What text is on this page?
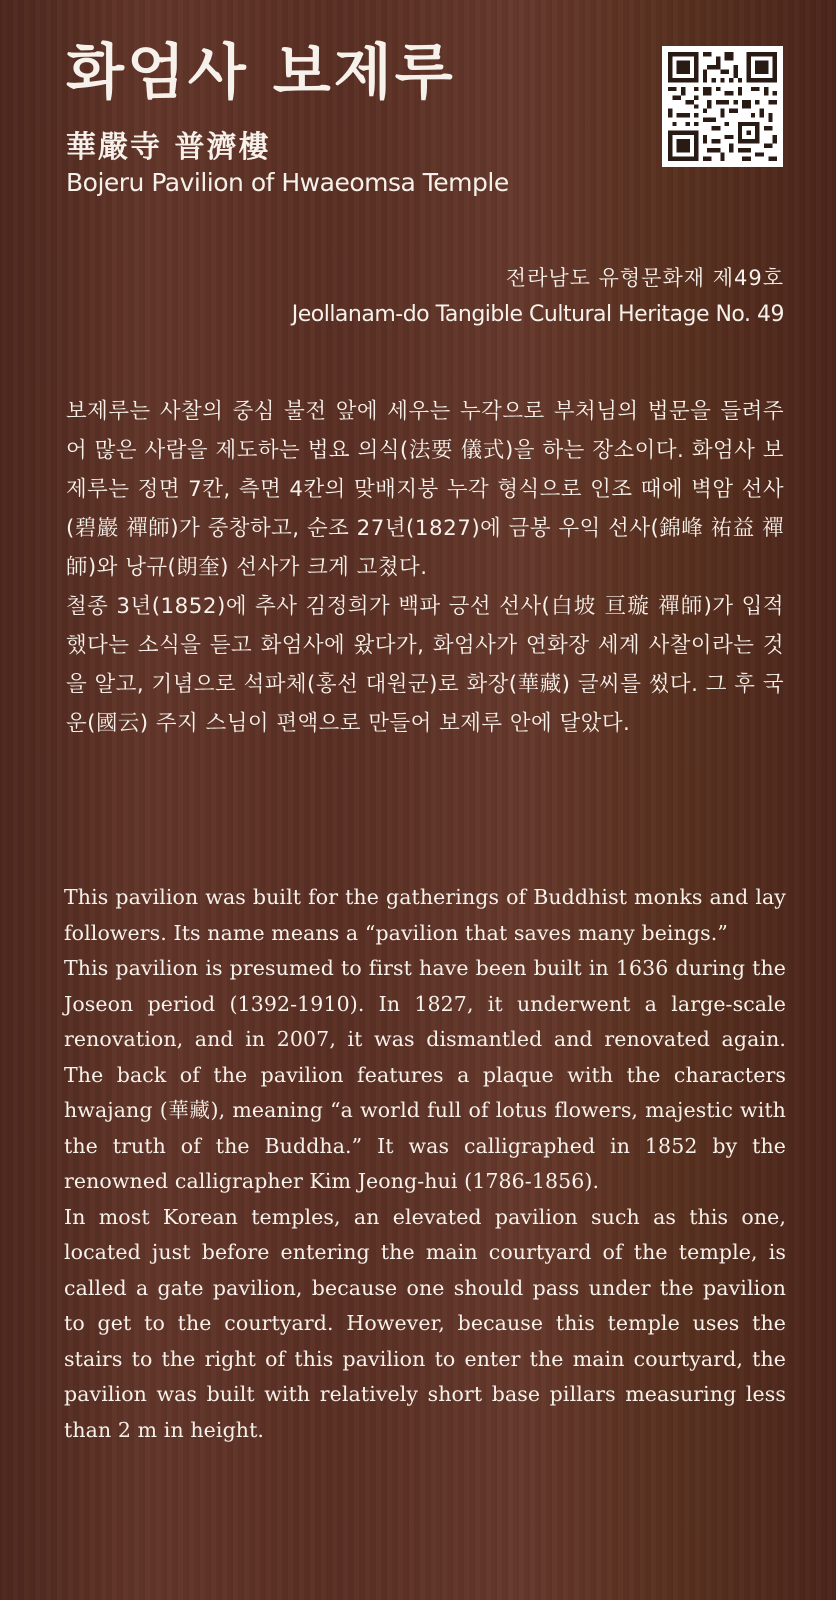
화엄사 보제루
華嚴寺 普濟樓
Bojeru Pavilion of Hwaeomsa Temple
전라남도 유형문화재 제49호
Jeollanam-do Tangible Cultural Heritage No. 49

보제루는 사찰의 중심 불전 앞에 세우는 누각으로 부처님의 법문을 들려주어 많은 사람을 제도하는 법요 의식(法要 儀式)을 하는 장소이다. 화엄사 보제루는 정면 7칸, 측면 4칸의 맞배지붕 누각 형식으로 인조 때에 벽암 선사(碧巖 禪師)가 중창하고, 순조 27년(1827)에 금봉 우익 선사(錦峰 祐益 禪師)와 낭규(朗奎) 선사가 크게 고쳤다.

철종 3년(1852)에 추사 김정희가 백파 긍선 선사(白坡 亘璇 禪師)가 입적했다는 소식을 듣고 화엄사에 왔다가, 화엄사가 연화장 세계 사찰이라는 것을 알고, 기념으로 석파체(홍선 대원군)로 화장(華藏) 글씨를 썼다. 그 후 국운(國云) 주지 스님이 편액으로 만들어 보제루 안에 달았다.

This pavilion was built for the gatherings of Buddhist monks and lay followers. Its name means a “pavilion that saves many beings.”

This pavilion is presumed to first have been built in 1636 during the Joseon period (1392-1910). In 1827, it underwent a large-scale renovation, and in 2007, it was dismantled and renovated again. The back of the pavilion features a plaque with the characters hwajang (華藏), meaning “a world full of lotus flowers, majestic with the truth of the Buddha.” It was calligraphed in 1852 by the renowned calligrapher Kim Jeong-hui (1786-1856).

In most Korean temples, an elevated pavilion such as this one, located just before entering the main courtyard of the temple, is called a gate pavilion, because one should pass under the pavilion to get to the courtyard. However, because this temple uses the stairs to the right of this pavilion to enter the main courtyard, the pavilion was built with relatively short base pillars measuring less than 2 m in height.
